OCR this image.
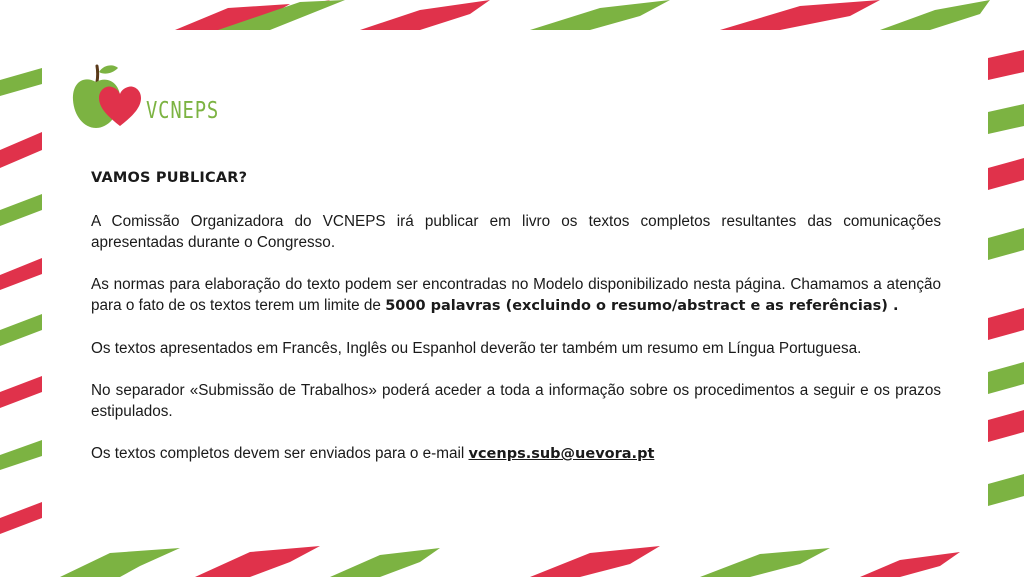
VCNEPS
VAMOS PUBLICAR?

A Comissão Organizadora do VCNEPS irá publicar em livro os textos completos resultantes das comunicações apresentadas durante o Congresso.

As normas para elaboração do texto podem ser encontradas no Modelo disponibilizado nesta página. Chamamos a atenção para o fato de os textos terem um limite de 5000 palavras (excluindo o resumo/abstract e as referências) .

Os textos apresentados em Francês, Inglês ou Espanhol deverão ter também um resumo em Língua Portuguesa.

No separador «Submissão de Trabalhos» poderá aceder a toda a informação sobre os procedimentos a seguir e os prazos estipulados.

Os textos completos devem ser enviados para o e-mail vcenps.sub@uevora.pt
